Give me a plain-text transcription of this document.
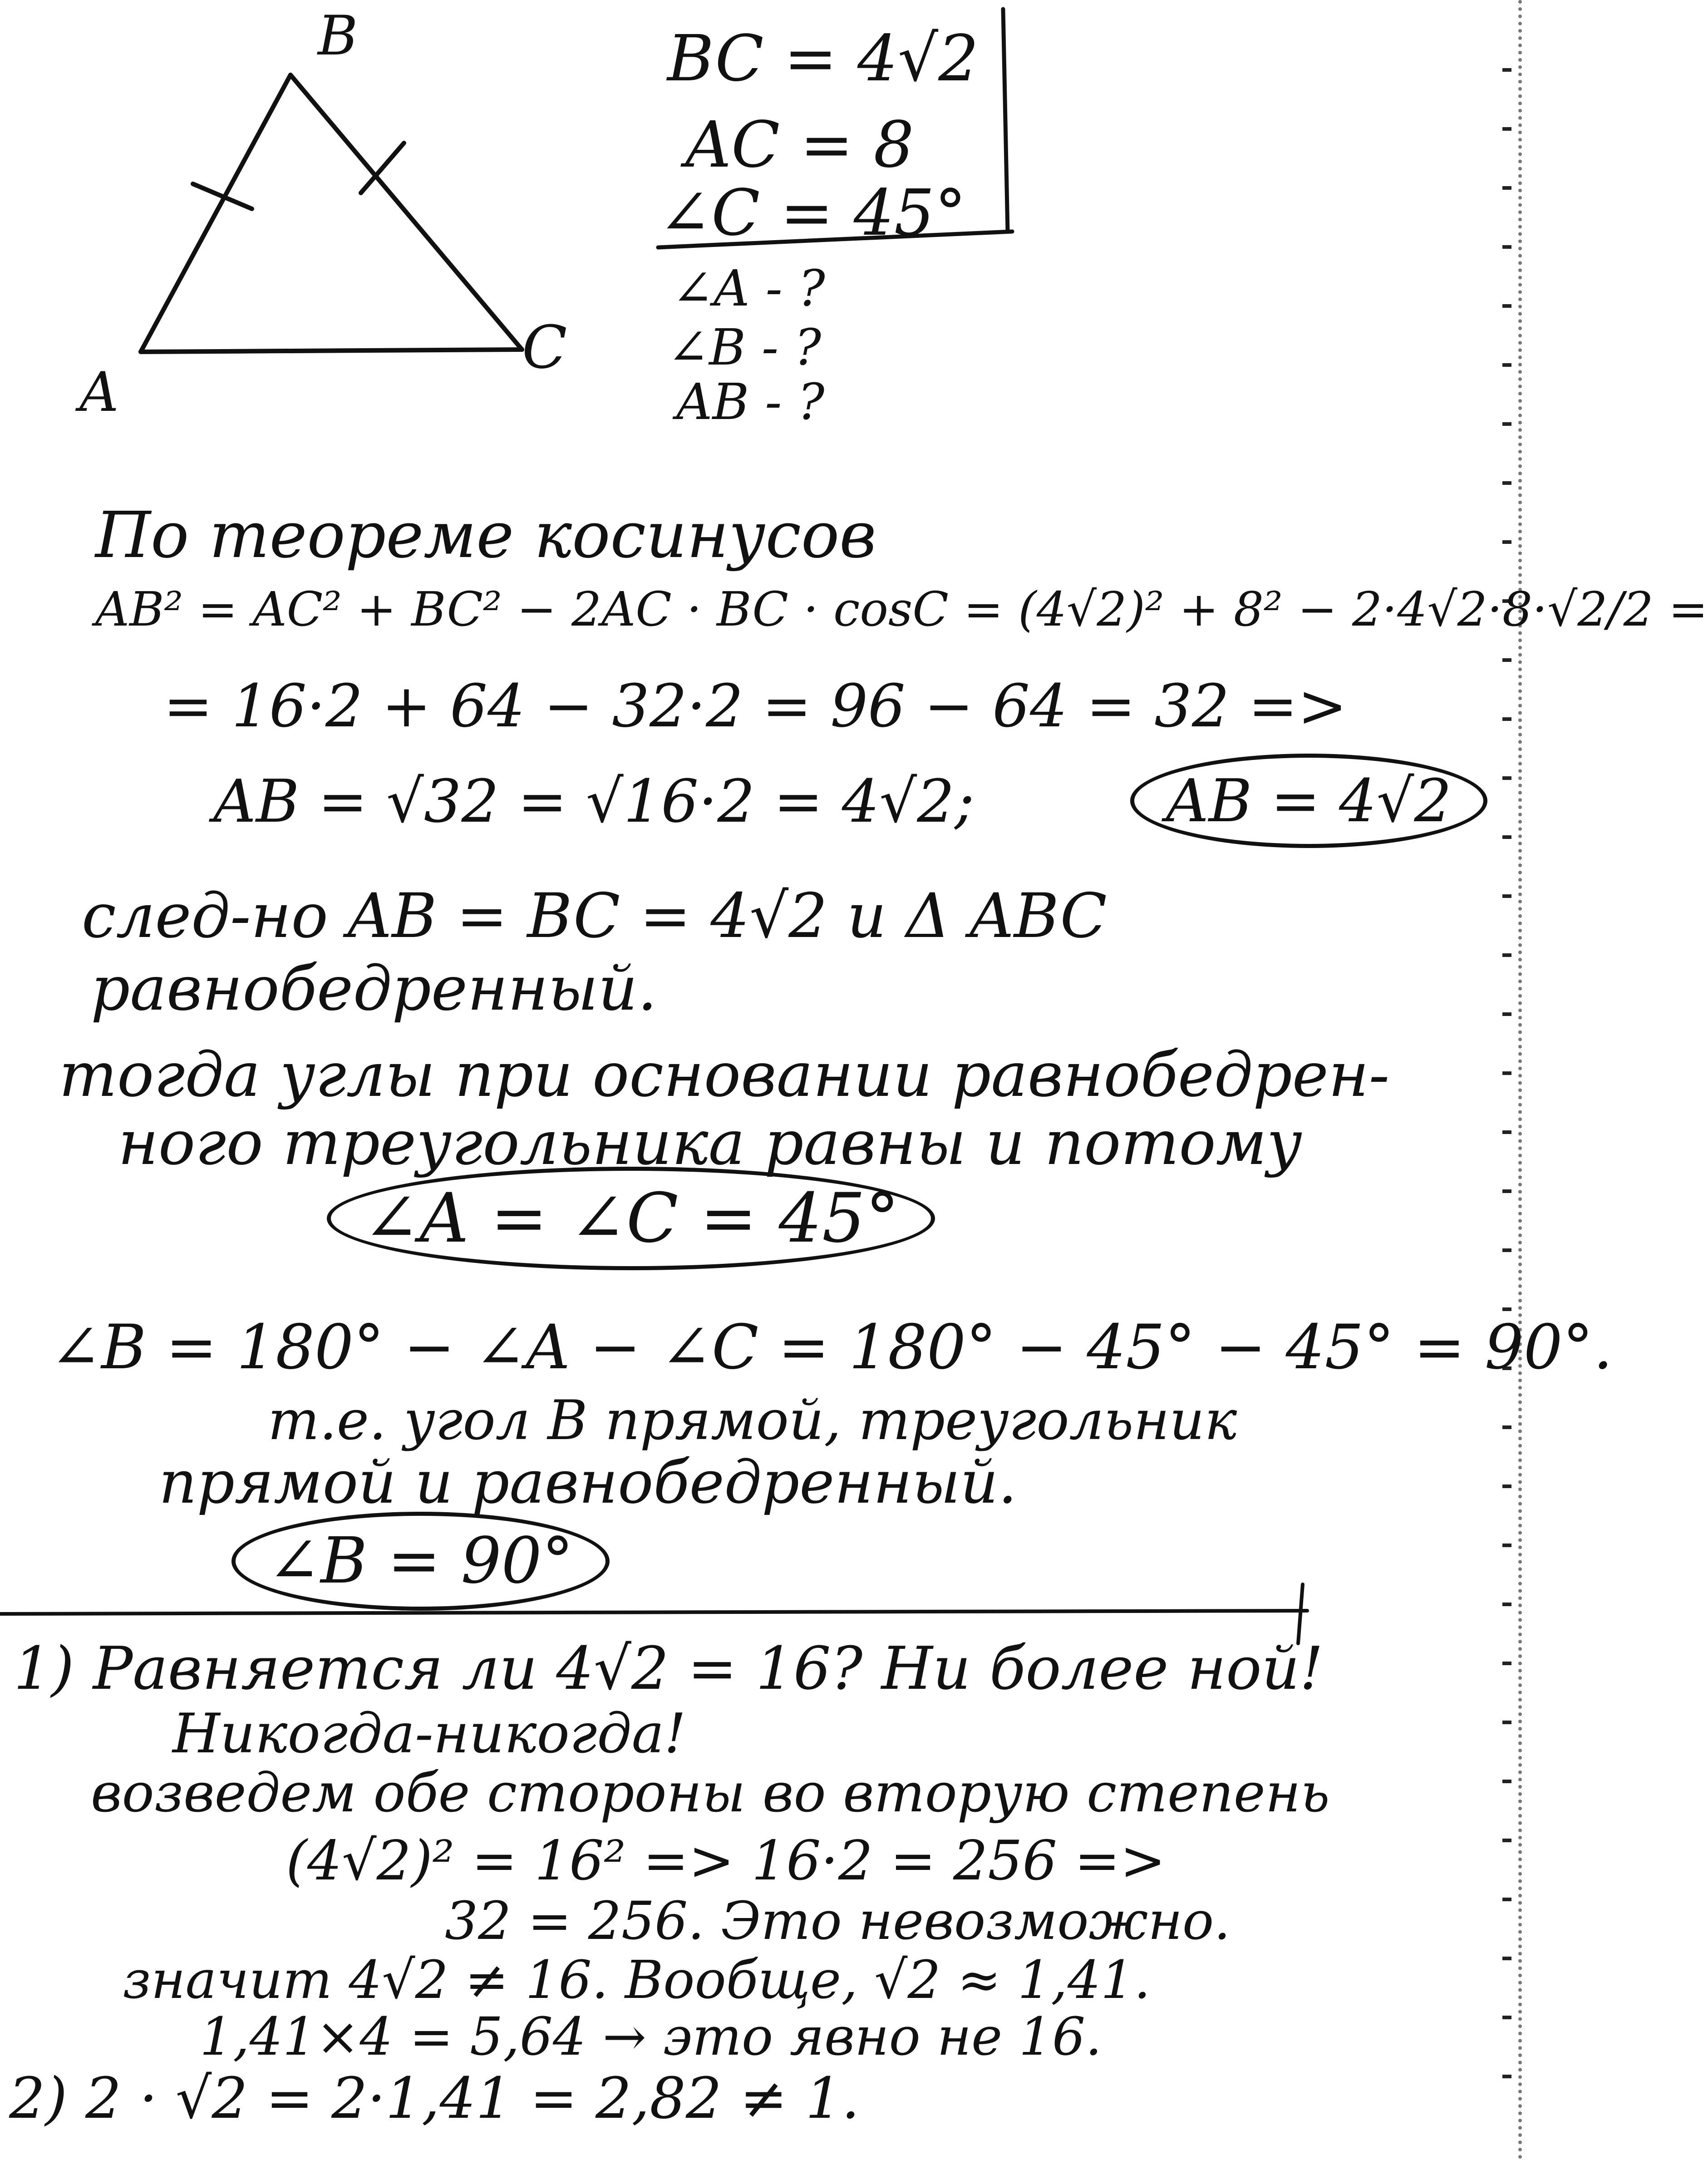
B
A
C
BC = 4√2
AC = 8
∠C = 45°
∠A - ?
∠B - ?
AB - ?
По теореме косинусов
AB² = AC² + BC² − 2AC · BC · cosC = (4√2)² + 8² − 2·4√2·8·√2/2 =
= 16·2 + 64 − 32·2 = 96 − 64 = 32 =>
AB = √32 = √16·2 = 4√2;	AB = 4√2
след-но AB = BC = 4√2 и Δ ABC
равнобедренный.
тогда углы при основании равнобедрен-
ного треугольника равны и потому
∠A = ∠C = 45°
∠B = 180° − ∠A − ∠C = 180° − 45° − 45° = 90°.
т.е. угол B прямой, треугольник
прямой и равнобедренный.
∠B = 90°
1) Равняется ли 4√2 = 16? Ни более ной!
Никогда-никогда!
возведем обе стороны во вторую степень
(4√2)² = 16² => 16·2 = 256 =>
32 = 256. Это невозможно.
значит 4√2 ≠ 16. Вообще, √2 ≈ 1,41.
1,41×4 = 5,64 → это явно не 16.
2) 2 · √2 = 2·1,41 = 2,82 ≠ 1.
